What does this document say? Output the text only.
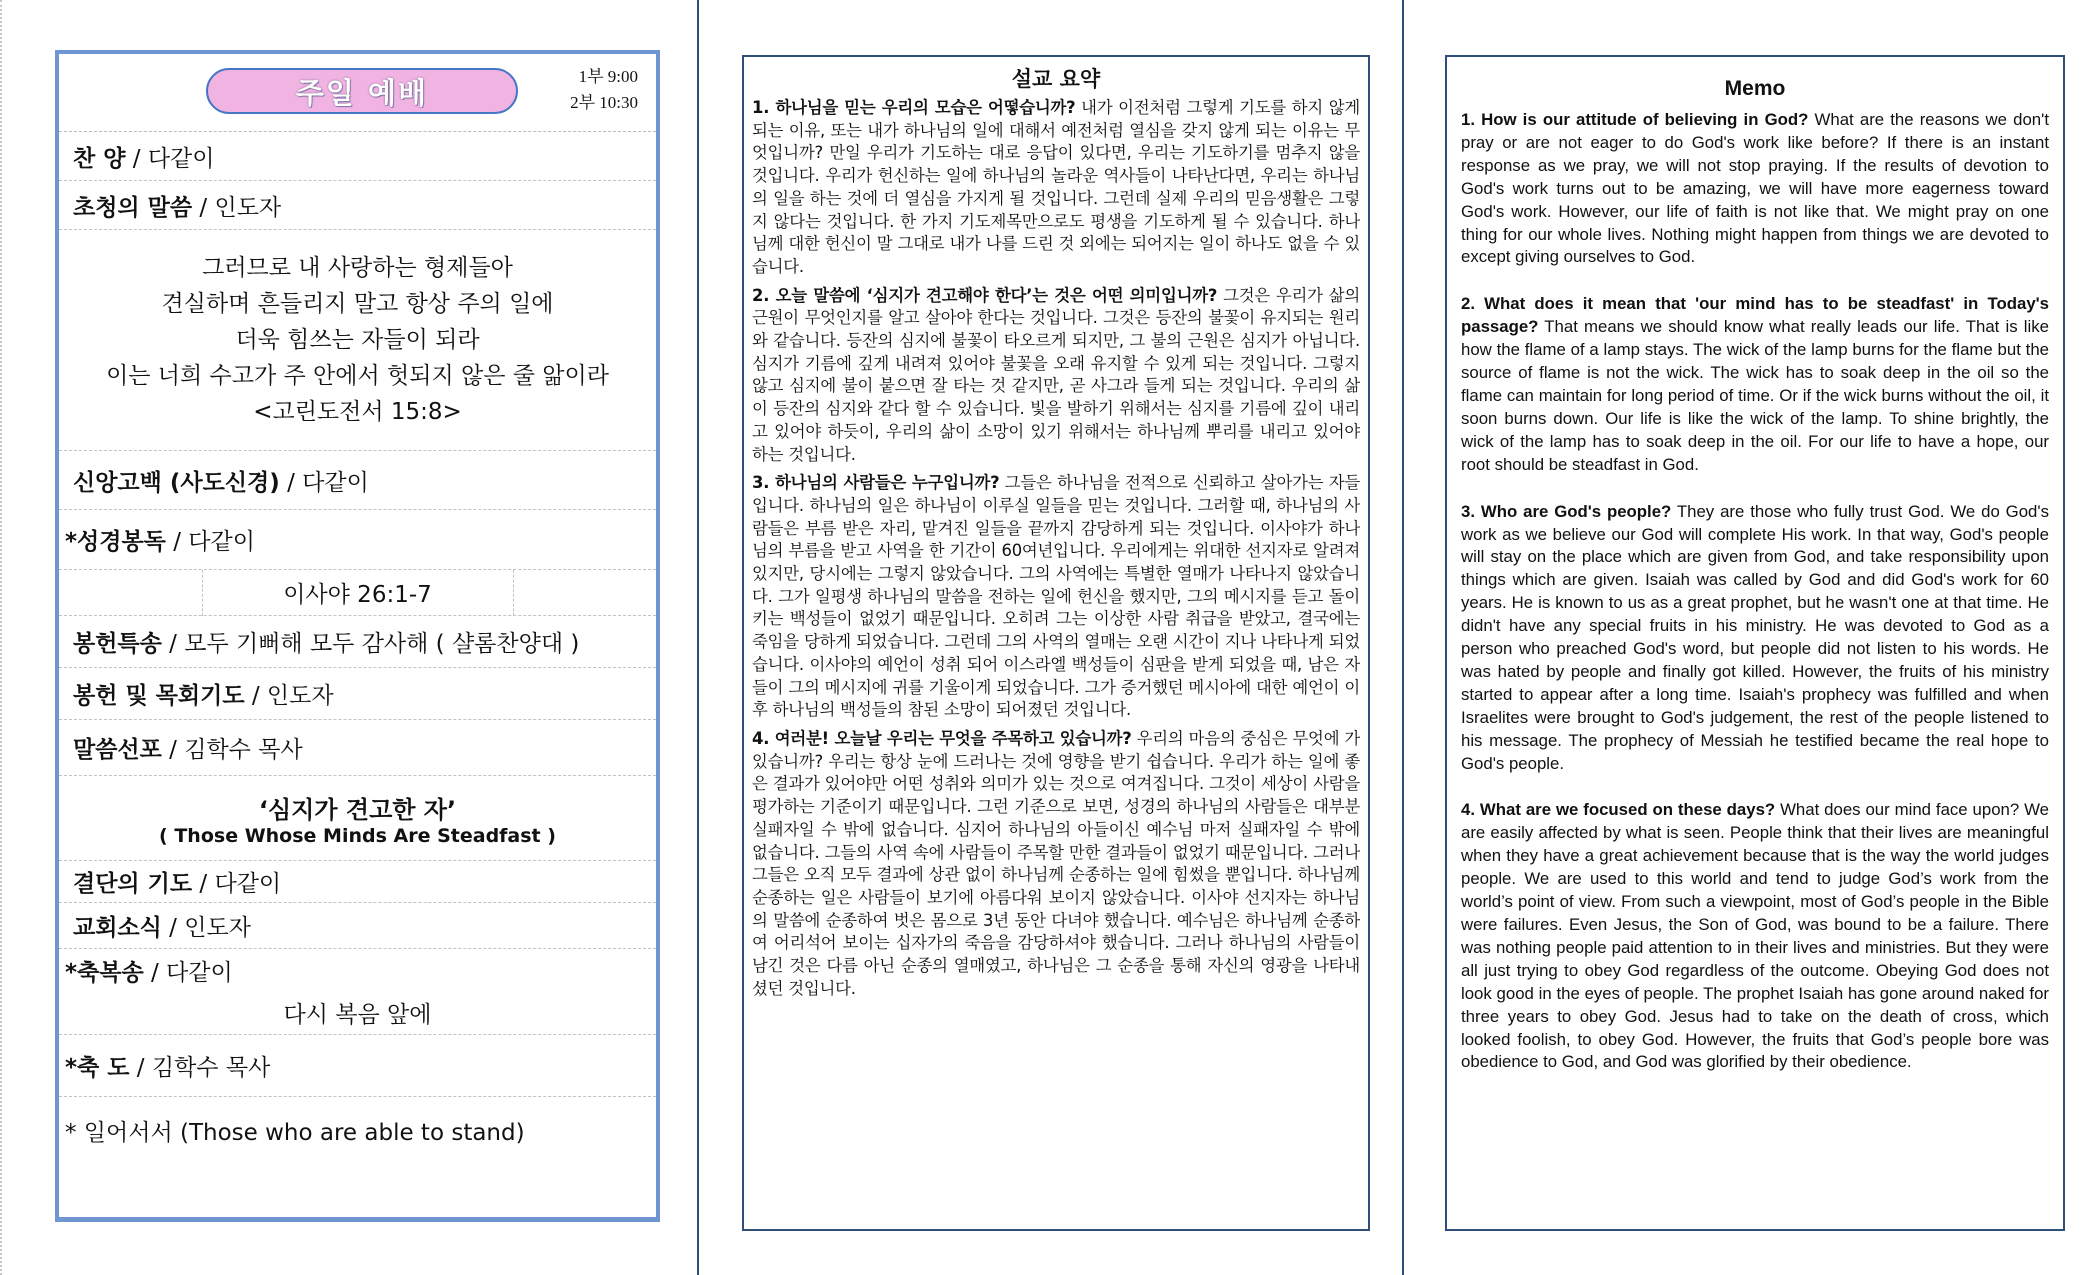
주일 예배	1부 9:00
2부 10:30
찬 양 / 다같이
초청의 말씀 / 인도자
그러므로 내 사랑하는 형제들아
견실하며 흔들리지 말고 항상 주의 일에
더욱 힘쓰는 자들이 되라
이는 너희 수고가 주 안에서 헛되지 않은 줄 앎이라
<고린도전서 15:8>
신앙고백 (사도신경) / 다같이
*성경봉독 / 다같이
이사야 26:1-7
봉헌특송 / 모두 기뻐해 모두 감사해 ( 샬롬찬양대 )
봉헌 및 목회기도 / 인도자
말씀선포 / 김학수 목사
‘심지가 견고한 자’
( Those Whose Minds Are Steadfast )
결단의 기도 / 다같이
교회소식 / 인도자
*축복송 / 다같이
다시 복음 앞에
*축 도 / 김학수 목사
* 일어서서 (Those who are able to stand)
설교 요약

1. 하나님을 믿는 우리의 모습은 어떻습니까? 내가 이전처럼 그렇게 기도를 하지 않게 되는 이유, 또는 내가 하나님의 일에 대해서 예전처럼 열심을 갖지 않게 되는 이유는 무엇입니까? 만일 우리가 기도하는 대로 응답이 있다면, 우리는 기도하기를 멈추지 않을 것입니다. 우리가 헌신하는 일에 하나님의 놀라운 역사들이 나타난다면, 우리는 하나님의 일을 하는 것에 더 열심을 가지게 될 것입니다. 그런데 실제 우리의 믿음생활은 그렇지 않다는 것입니다. 한 가지 기도제목만으로도 평생을 기도하게 될 수 있습니다. 하나님께 대한 헌신이 말 그대로 내가 나를 드린 것 외에는 되어지는 일이 하나도 없을 수 있습니다.

2. 오늘 말씀에 ‘심지가 견고해야 한다’는 것은 어떤 의미입니까? 그것은 우리가 삶의 근원이 무엇인지를 알고 살아야 한다는 것입니다. 그것은 등잔의 불꽃이 유지되는 원리와 같습니다. 등잔의 심지에 불꽃이 타오르게 되지만, 그 불의 근원은 심지가 아닙니다. 심지가 기름에 깊게 내려져 있어야 불꽃을 오래 유지할 수 있게 되는 것입니다. 그렇지 않고 심지에 불이 붙으면 잘 타는 것 같지만, 곧 사그라 들게 되는 것입니다. 우리의 삶이 등잔의 심지와 같다 할 수 있습니다. 빛을 발하기 위해서는 심지를 기름에 깊이 내리고 있어야 하듯이, 우리의 삶이 소망이 있기 위해서는 하나님께 뿌리를 내리고 있어야 하는 것입니다.

3. 하나님의 사람들은 누구입니까? 그들은 하나님을 전적으로 신뢰하고 살아가는 자들입니다. 하나님의 일은 하나님이 이루실 일들을 믿는 것입니다. 그러할 때, 하나님의 사람들은 부름 받은 자리, 맡겨진 일들을 끝까지 감당하게 되는 것입니다. 이사야가 하나님의 부름을 받고 사역을 한 기간이 60여년입니다. 우리에게는 위대한 선지자로 알려져 있지만, 당시에는 그렇지 않았습니다. 그의 사역에는 특별한 열매가 나타나지 않았습니다. 그가 일평생 하나님의 말씀을 전하는 일에 헌신을 했지만, 그의 메시지를 듣고 돌이키는 백성들이 없었기 때문입니다. 오히려 그는 이상한 사람 취급을 받았고, 결국에는 죽임을 당하게 되었습니다. 그런데 그의 사역의 열매는 오랜 시간이 지나 나타나게 되었습니다. 이사야의 예언이 성취 되어 이스라엘 백성들이 심판을 받게 되었을 때, 남은 자들이 그의 메시지에 귀를 기울이게 되었습니다. 그가 증거했던 메시아에 대한 예언이 이후 하나님의 백성들의 참된 소망이 되어졌던 것입니다.

4. 여러분! 오늘날 우리는 무엇을 주목하고 있습니까? 우리의 마음의 중심은 무엇에 가 있습니까? 우리는 항상 눈에 드러나는 것에 영향을 받기 쉽습니다. 우리가 하는 일에 좋은 결과가 있어야만 어떤 성취와 의미가 있는 것으로 여겨집니다. 그것이 세상이 사람을 평가하는 기준이기 때문입니다. 그런 기준으로 보면, 성경의 하나님의 사람들은 대부분 실패자일 수 밖에 없습니다. 심지어 하나님의 아들이신 예수님 마저 실패자일 수 밖에 없습니다. 그들의 사역 속에 사람들이 주목할 만한 결과들이 없었기 때문입니다. 그러나 그들은 오직 모두 결과에 상관 없이 하나님께 순종하는 일에 힘썼을 뿐입니다. 하나님께 순종하는 일은 사람들이 보기에 아름다워 보이지 않았습니다. 이사야 선지자는 하나님의 말씀에 순종하여 벗은 몸으로 3년 동안 다녀야 했습니다. 예수님은 하나님께 순종하여 어리석어 보이는 십자가의 죽음을 감당하셔야 했습니다. 그러나 하나님의 사람들이 남긴 것은 다름 아닌 순종의 열매였고, 하나님은 그 순종을 통해 자신의 영광을 나타내셨던 것입니다.

Memo

1. How is our attitude of believing in God? What are the reasons we don't pray or are not eager to do God's work like before? If there is an instant response as we pray, we will not stop praying. If the results of devotion to God's work turns out to be amazing, we will have more eagerness toward God's work. However, our life of faith is not like that. We might pray on one thing for our whole lives. Nothing might happen from things we are devoted to except giving ourselves to God.

2. What does it mean that 'our mind has to be steadfast' in Today's passage? That means we should know what really leads our life. That is like how the flame of a lamp stays. The wick of the lamp burns for the flame but the source of flame is not the wick. The wick has to soak deep in the oil so the flame can maintain for long period of time. Or if the wick burns without the oil, it soon burns down. Our life is like the wick of the lamp. To shine brightly, the wick of the lamp has to soak deep in the oil. For our life to have a hope, our root should be steadfast in God.

3. Who are God's people? They are those who fully trust God. We do God's work as we believe our God will complete His work. In that way, God's people will stay on the place which are given from God, and take responsibility upon things which are given. Isaiah was called by God and did God's work for 60 years. He is known to us as a great prophet, but he wasn't one at that time. He didn't have any special fruits in his ministry. He was devoted to God as a person who preached God's word, but people did not listen to his words. He was hated by people and finally got killed. However, the fruits of his ministry started to appear after a long time. Isaiah's prophecy was fulfilled and when Israelites were brought to God's judgement, the rest of the people listened to his message. The prophecy of Messiah he testified became the real hope to God's people.

4. What are we focused on these days? What does our mind face upon? We are easily affected by what is seen. People think that their lives are meaningful when they have a great achievement because that is the way the world judges people. We are used to this world and tend to judge God’s work from the world’s point of view. From such a viewpoint, most of God’s people in the Bible were failures. Even Jesus, the Son of God, was bound to be a failure. There was nothing people paid attention to in their lives and ministries. But they were all just trying to obey God regardless of the outcome. Obeying God does not look good in the eyes of people. The prophet Isaiah has gone around naked for three years to obey God. Jesus had to take on the death of cross, which looked foolish, to obey God. However, the fruits that God’s people bore was obedience to God, and God was glorified by their obedience.
